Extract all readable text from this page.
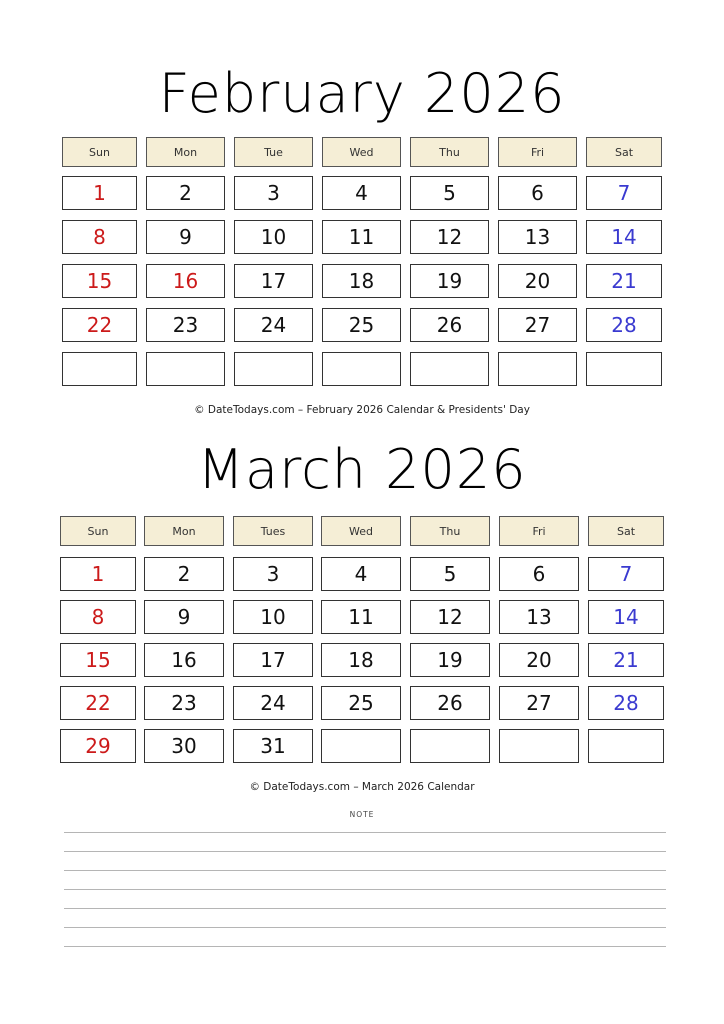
February 2026
Sun	Mon	Tue	Wed	Thu	Fri	Sat
1	2	3	4	5	6	7
8	9	10	11	12	13	14
15	16	17	18	19	20	21
22	23	24	25	26	27	28
© DateTodays.com – February 2026 Calendar & Presidents' Day
March 2026
Sun	Mon	Tues	Wed	Thu	Fri	Sat
1	2	3	4	5	6	7
8	9	10	11	12	13	14
15	16	17	18	19	20	21
22	23	24	25	26	27	28
29	30	31
© DateTodays.com – March 2026 Calendar
NOTE
